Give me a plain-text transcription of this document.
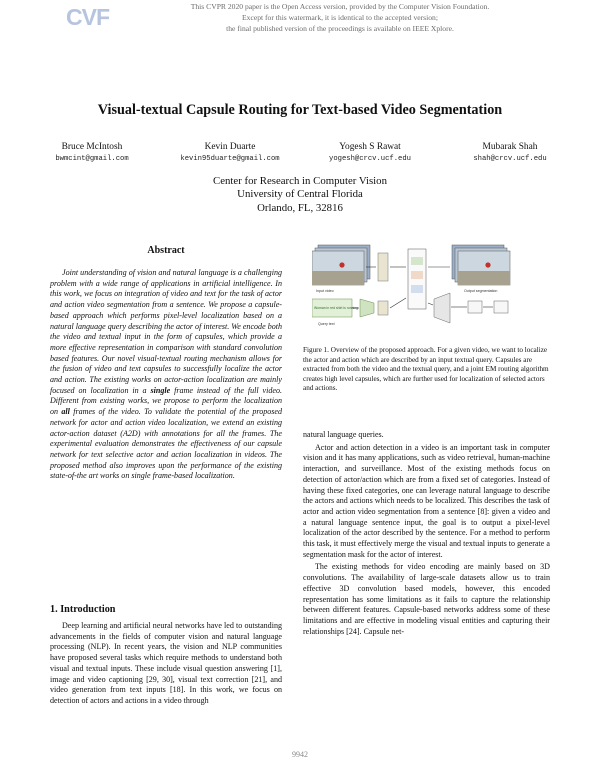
CVF	This CVPR 2020 paper is the Open Access version, provided by the Computer Vision Foundation.
Except for this watermark, it is identical to the accepted version;
the final published version of the proceedings is available on IEEE Xplore.
Visual-textual Capsule Routing for Text-based Video Segmentation
Bruce McIntosh
bwmcint@gmail.com
Kevin Duarte
kevin95duarte@gmail.com
Yogesh S Rawat
yogesh@crcv.ucf.edu
Mubarak Shah
shah@crcv.ucf.edu
Center for Research in Computer Vision
University of Central Florida
Orlando, FL, 32816
Abstract

Joint understanding of vision and natural language is a challenging problem with a wide range of applications in artificial intelligence. In this work, we focus on integration of video and text for the task of actor and action video segmentation from a sentence. We propose a capsule-based approach which performs pixel-level localization based on a natural language query describing the actor of interest. We encode both the video and textual input in the form of capsules, which provide a more effective representation in comparison with standard convolution based features. Our novel visual-textual routing mechanism allows for the fusion of video and text capsules to successfully localize the actor and action. The existing works on actor-action localization are mainly focused on localization in a single frame instead of the full video. Different from existing works, we propose to perform the localization on all frames of the video. To validate the potential of the proposed network for actor and action video localization, we extend an existing actor-action dataset (A2D) with annotations for all the frames. The experimental evaluation demonstrates the effectiveness of our capsule network for text selective actor and action localization in videos. The proposed method also improves upon the performance of the existing state-of-the art works on single frame-based localization.

1. Introduction

Deep learning and artificial neural networks have led to outstanding advancements in the fields of computer vision and natural language processing (NLP). In recent years, the vision and NLP communities have proposed several tasks which require methods to understand both visual and textual inputs. These include visual question answering [1], image and video captioning [29, 30], visual text correction [21], and video generation from text inputs [18]. In this work, we focus on detection of actors and actions in a video through

Input video	Output segmentation
Woman in red shirt is running
Query text
Figure 1. Overview of the proposed approach. For a given video, we want to localize the actor and action which are described by an input textual query. Capsules are extracted from both the video and the textual query, and a joint EM routing algorithm creates high level capsules, which are further used for localization of selected actors and actions.
natural language queries.

Actor and action detection in a video is an important task in computer vision and it has many applications, such as video retrieval, human-machine interaction, and surveillance. Most of the existing methods focus on detection of actor/action which are from a fixed set of categories. Instead of having these fixed categories, one can leverage natural language to describe the actors and actions which needs to be localized. This describes the task of actor and action video segmentation from a sentence [8]: given a video and a natural language sentence input, the goal is to output a pixel-level localization of the actor described by the sentence. For a method to perform this task, it must effectively merge the visual and textual inputs to generate a segmentation mask for the actor of interest.

The existing methods for video encoding are mainly based on 3D convolutions. The availability of large-scale datasets allow us to train effective 3D convolution based models, however, this encoded representation has some limitations as it fails to capture the relationship between different features. Capsule-based networks address some of these limitations and are effective in modeling visual entities and capturing their relationships [24]. Capsule net-

9942
